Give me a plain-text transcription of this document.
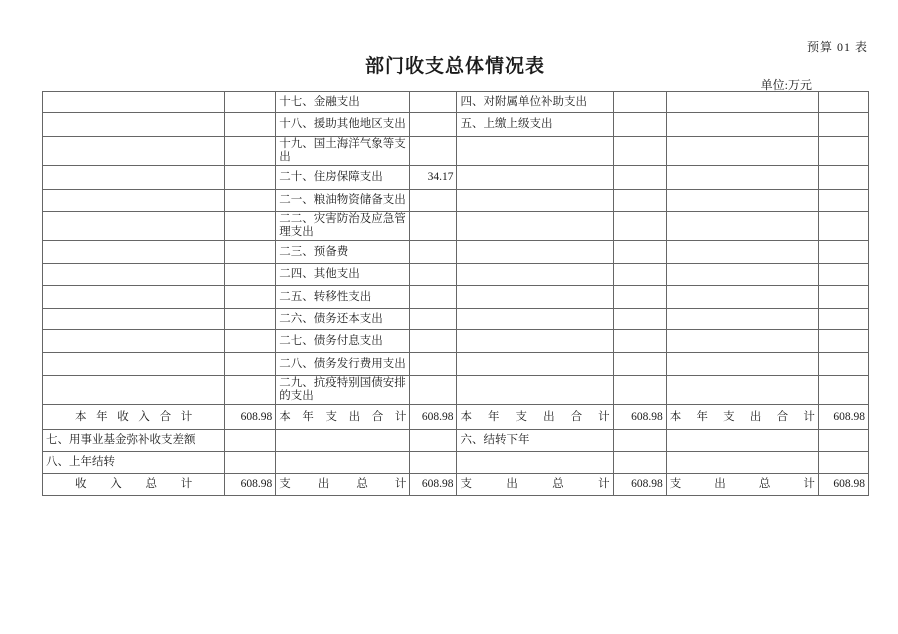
预算 01 表
部门收支总体情况表
单位:万元
		十七、金融支出		四、对附属单位补助支出			
		十八、援助其他地区支出		五、上缴上级支出			
		十九、国土海洋气象等支出					
		二十、住房保障支出	34.17				
		二一、粮油物资储备支出					
		二二、灾害防治及应急管理支出					
		二三、预备费					
		二四、其他支出					
		二五、转移性支出					
		二六、债务还本支出					
		二七、债务付息支出					
		二八、债务发行费用支出					
		二九、抗疫特别国债安排的支出					
本年收入合计	608.98	本年支出合计	608.98	本年支出合计	608.98	本年支出合计	608.98
七、用事业基金弥补收支差额				六、结转下年			
八、上年结转							
收入总计	608.98	支出总计	608.98	支出总计	608.98	支出总计	608.98
